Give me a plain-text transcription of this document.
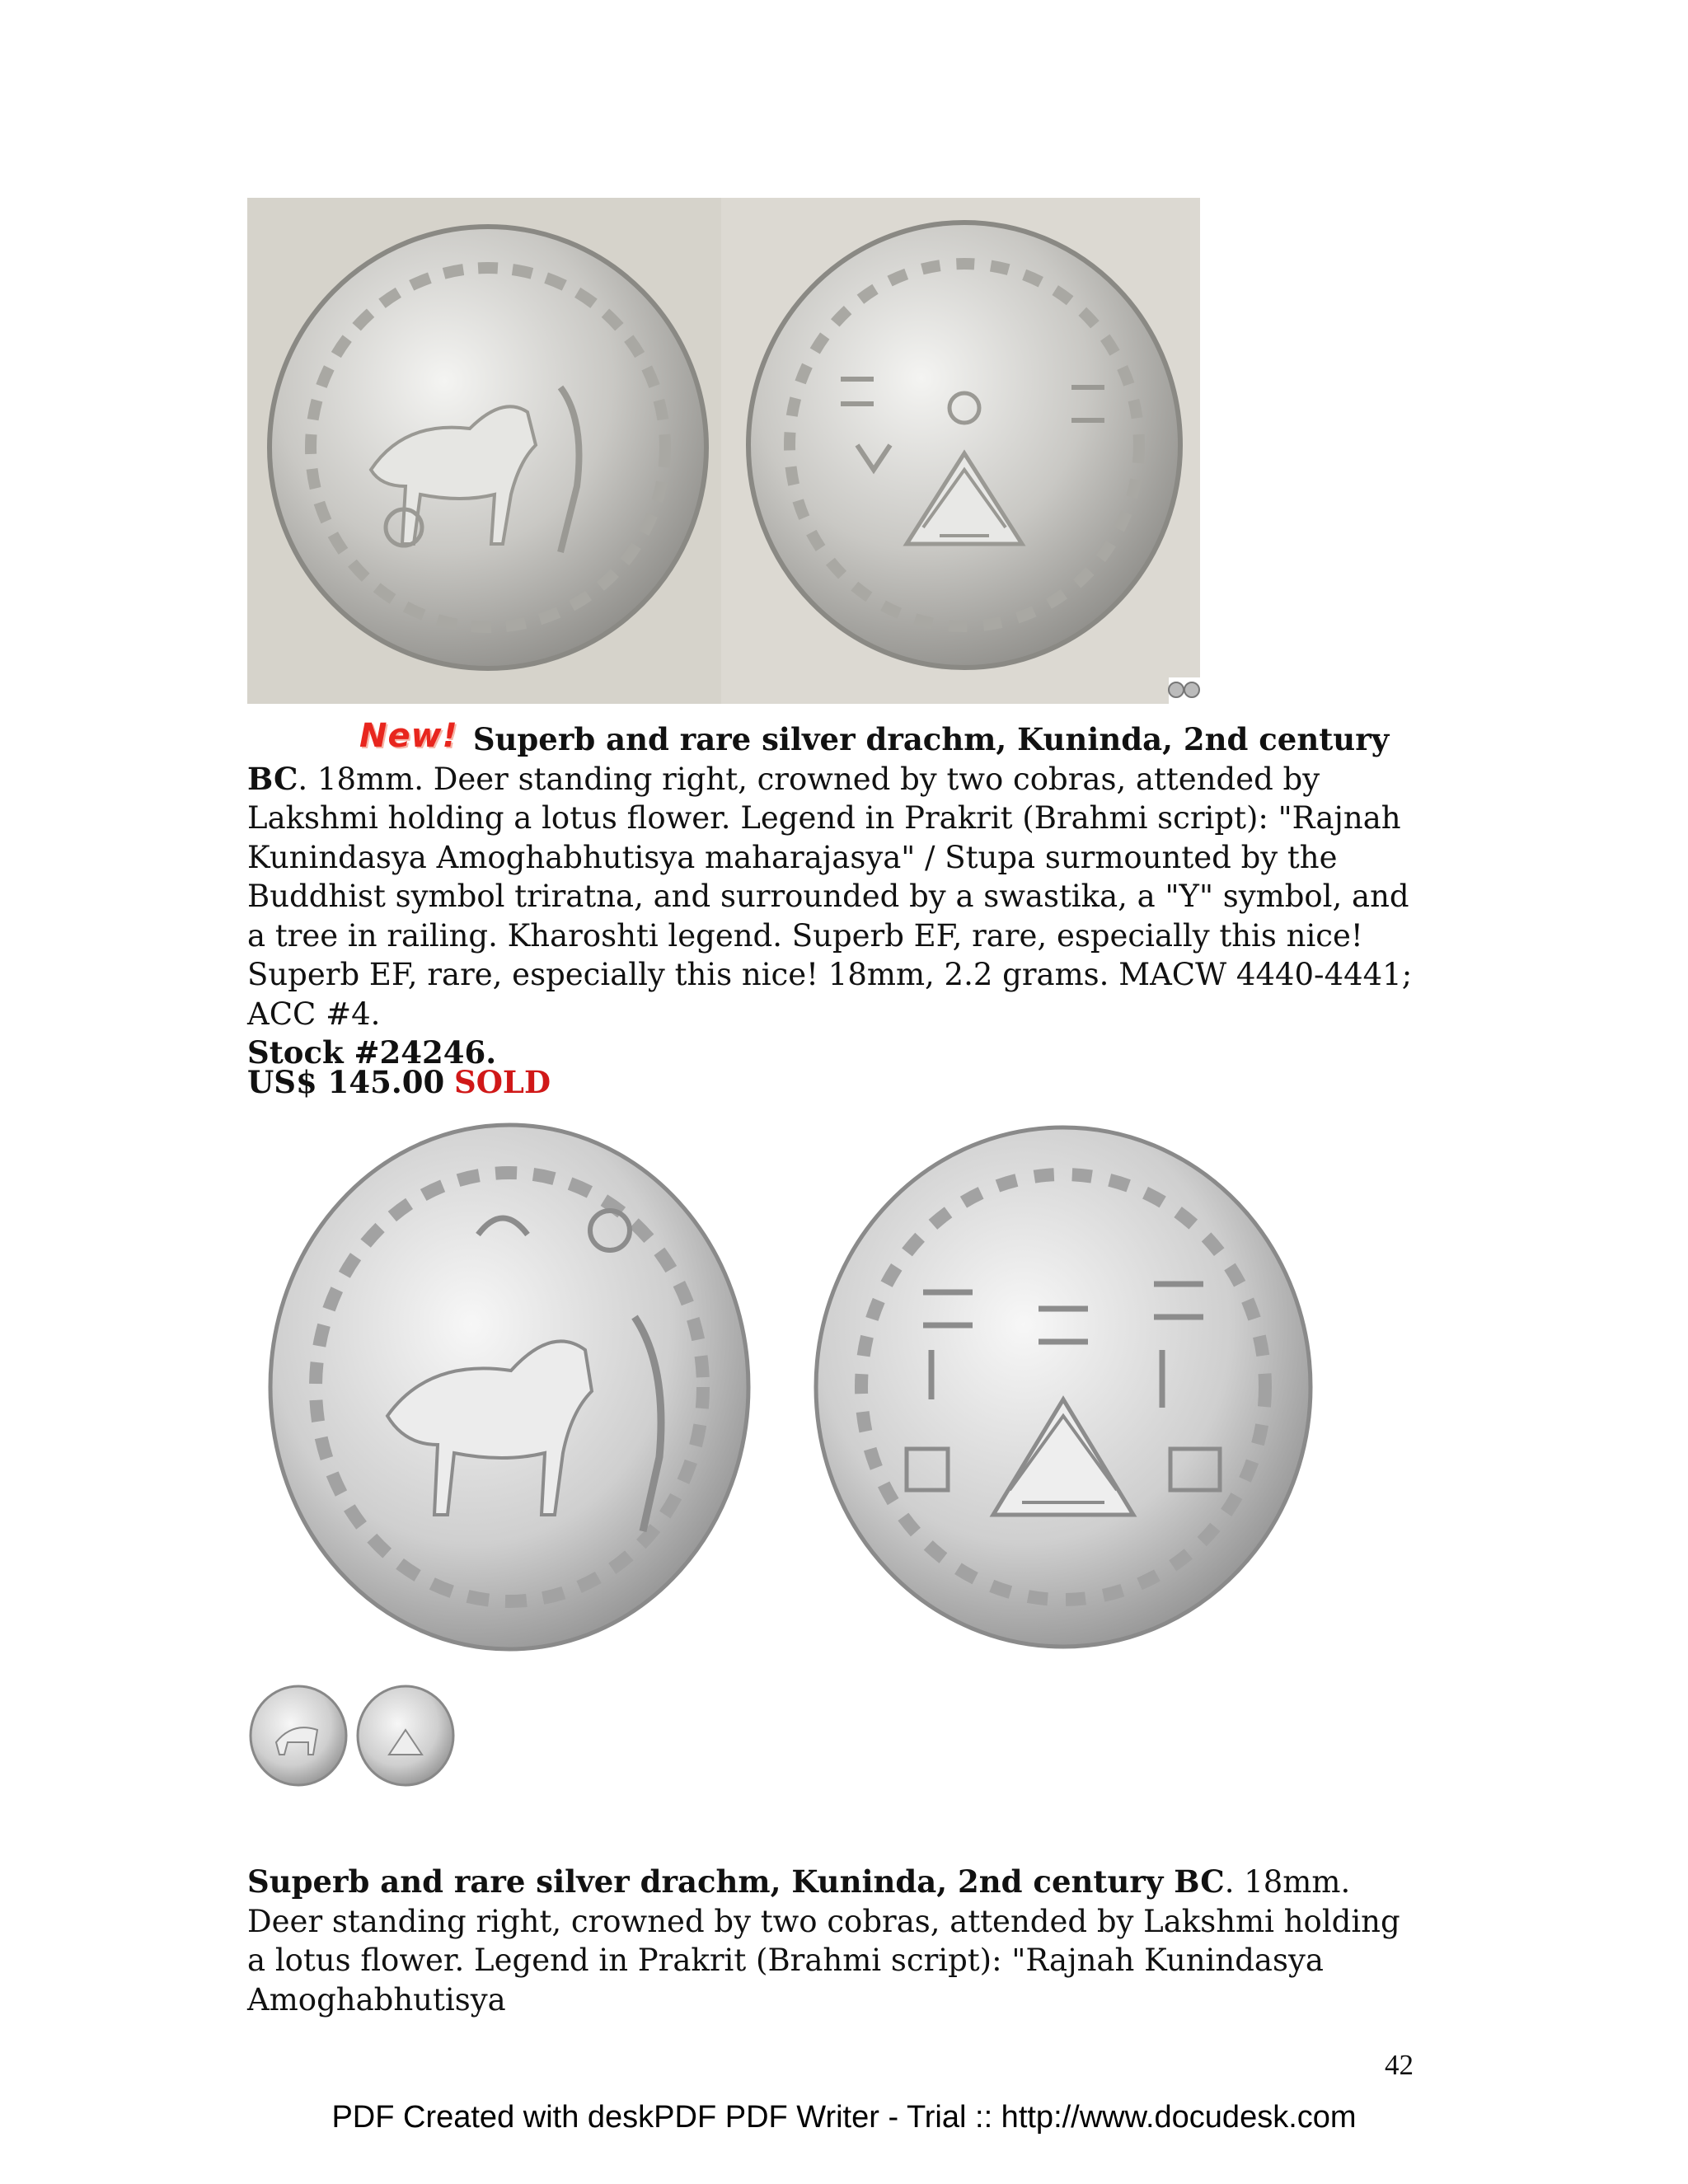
New! Superb and rare silver drachm, Kuninda, 2nd century
BC. 18mm. Deer standing right, crowned by two cobras, attended by Lakshmi holding a lotus flower. Legend in Prakrit (Brahmi script): "Rajnah Kunindasya Amoghabhutisya maharajasya" / Stupa surmounted by the Buddhist symbol triratna, and surrounded by a swastika, a "Y" symbol, and a tree in railing. Kharoshti legend. Superb EF, rare, especially this nice! Superb EF, rare, especially this nice! 18mm, 2.2 grams. MACW 4440-4441; ACC #4.
Stock #24246.

US$ 145.00 SOLD

Superb and rare silver drachm, Kuninda, 2nd century BC. 18mm. Deer standing right, crowned by two cobras, attended by Lakshmi holding a lotus flower. Legend in Prakrit (Brahmi script): "Rajnah Kunindasya Amoghabhutisya

42
PDF Created with deskPDF PDF Writer - Trial :: http://www.docudesk.com
